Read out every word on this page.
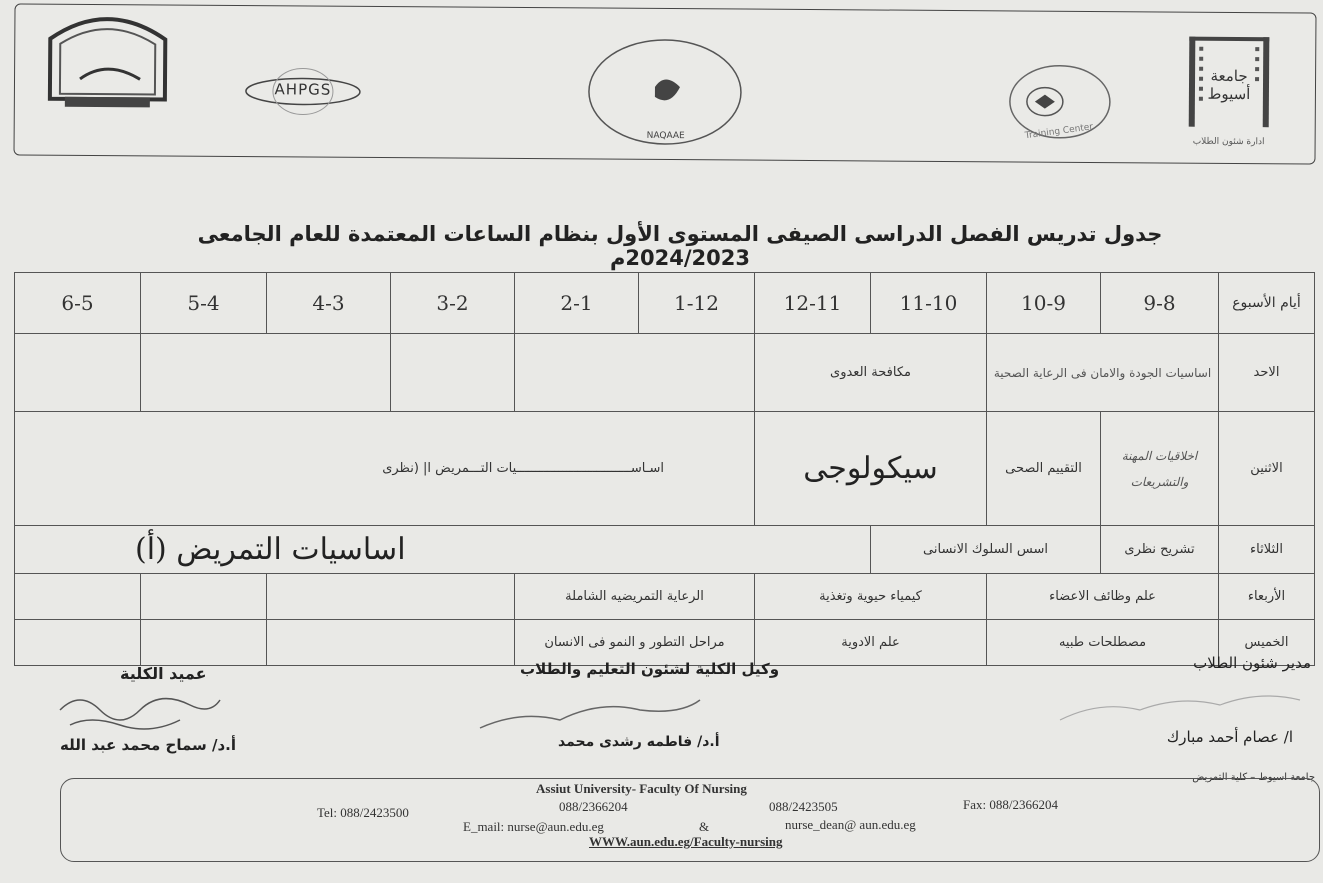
جامعة أسيوط
ادارة شئون الطلاب
Training Center
NAQAAE
AHPGS
جدول تدريس الفصل الدراسى الصيفى المستوى الأول بنظام الساعات المعتمدة للعام الجامعى 2024/2023م
أيام الأسبوع	9-8	10-9	11-10	12-11	1-12	2-1	3-2	4-3	5-4	6-5
الاحد	اساسيات الجودة والامان فى الرعاية الصحية		مكافحة العدوى							
الاثنين	اخلاقيات المهنة والتشريعات	التقييم الصحى	سيكولوجى		اسـاســــــــــــــــــــــــــــــيات التـــمريض ا| (نظرى					
الثلاثاء	تشريح نظرى	اسس السلوك الانسانى		اساسيات التمريض (أ)						
الأربعاء	علم وظائف الاعضاء		كيمياء حيوية وتغذية		الرعاية التمريضيه الشاملة					
الخميس	مصطلحات طبيه		علم الادوية		مراحل التطور و النمو فى الانسان					
مدير شئون الطلاب
ا/ عصام أحمد مبارك
وكيل الكلية لشئون التعليم والطلاب
أ.د/ فاطمه رشدى محمد
عميد الكلية
أ.د/ سماح محمد عبد الله
جامعة اسيوط – كلية التمريض
Assiut University- Faculty Of Nursing
Tel: 088/2423500	088/2366204	088/2423505	Fax: 088/2366204
E_mail: nurse@aun.edu.eg	&	nurse_dean@ aun.edu.eg
WWW.aun.edu.eg/Faculty-nursing
